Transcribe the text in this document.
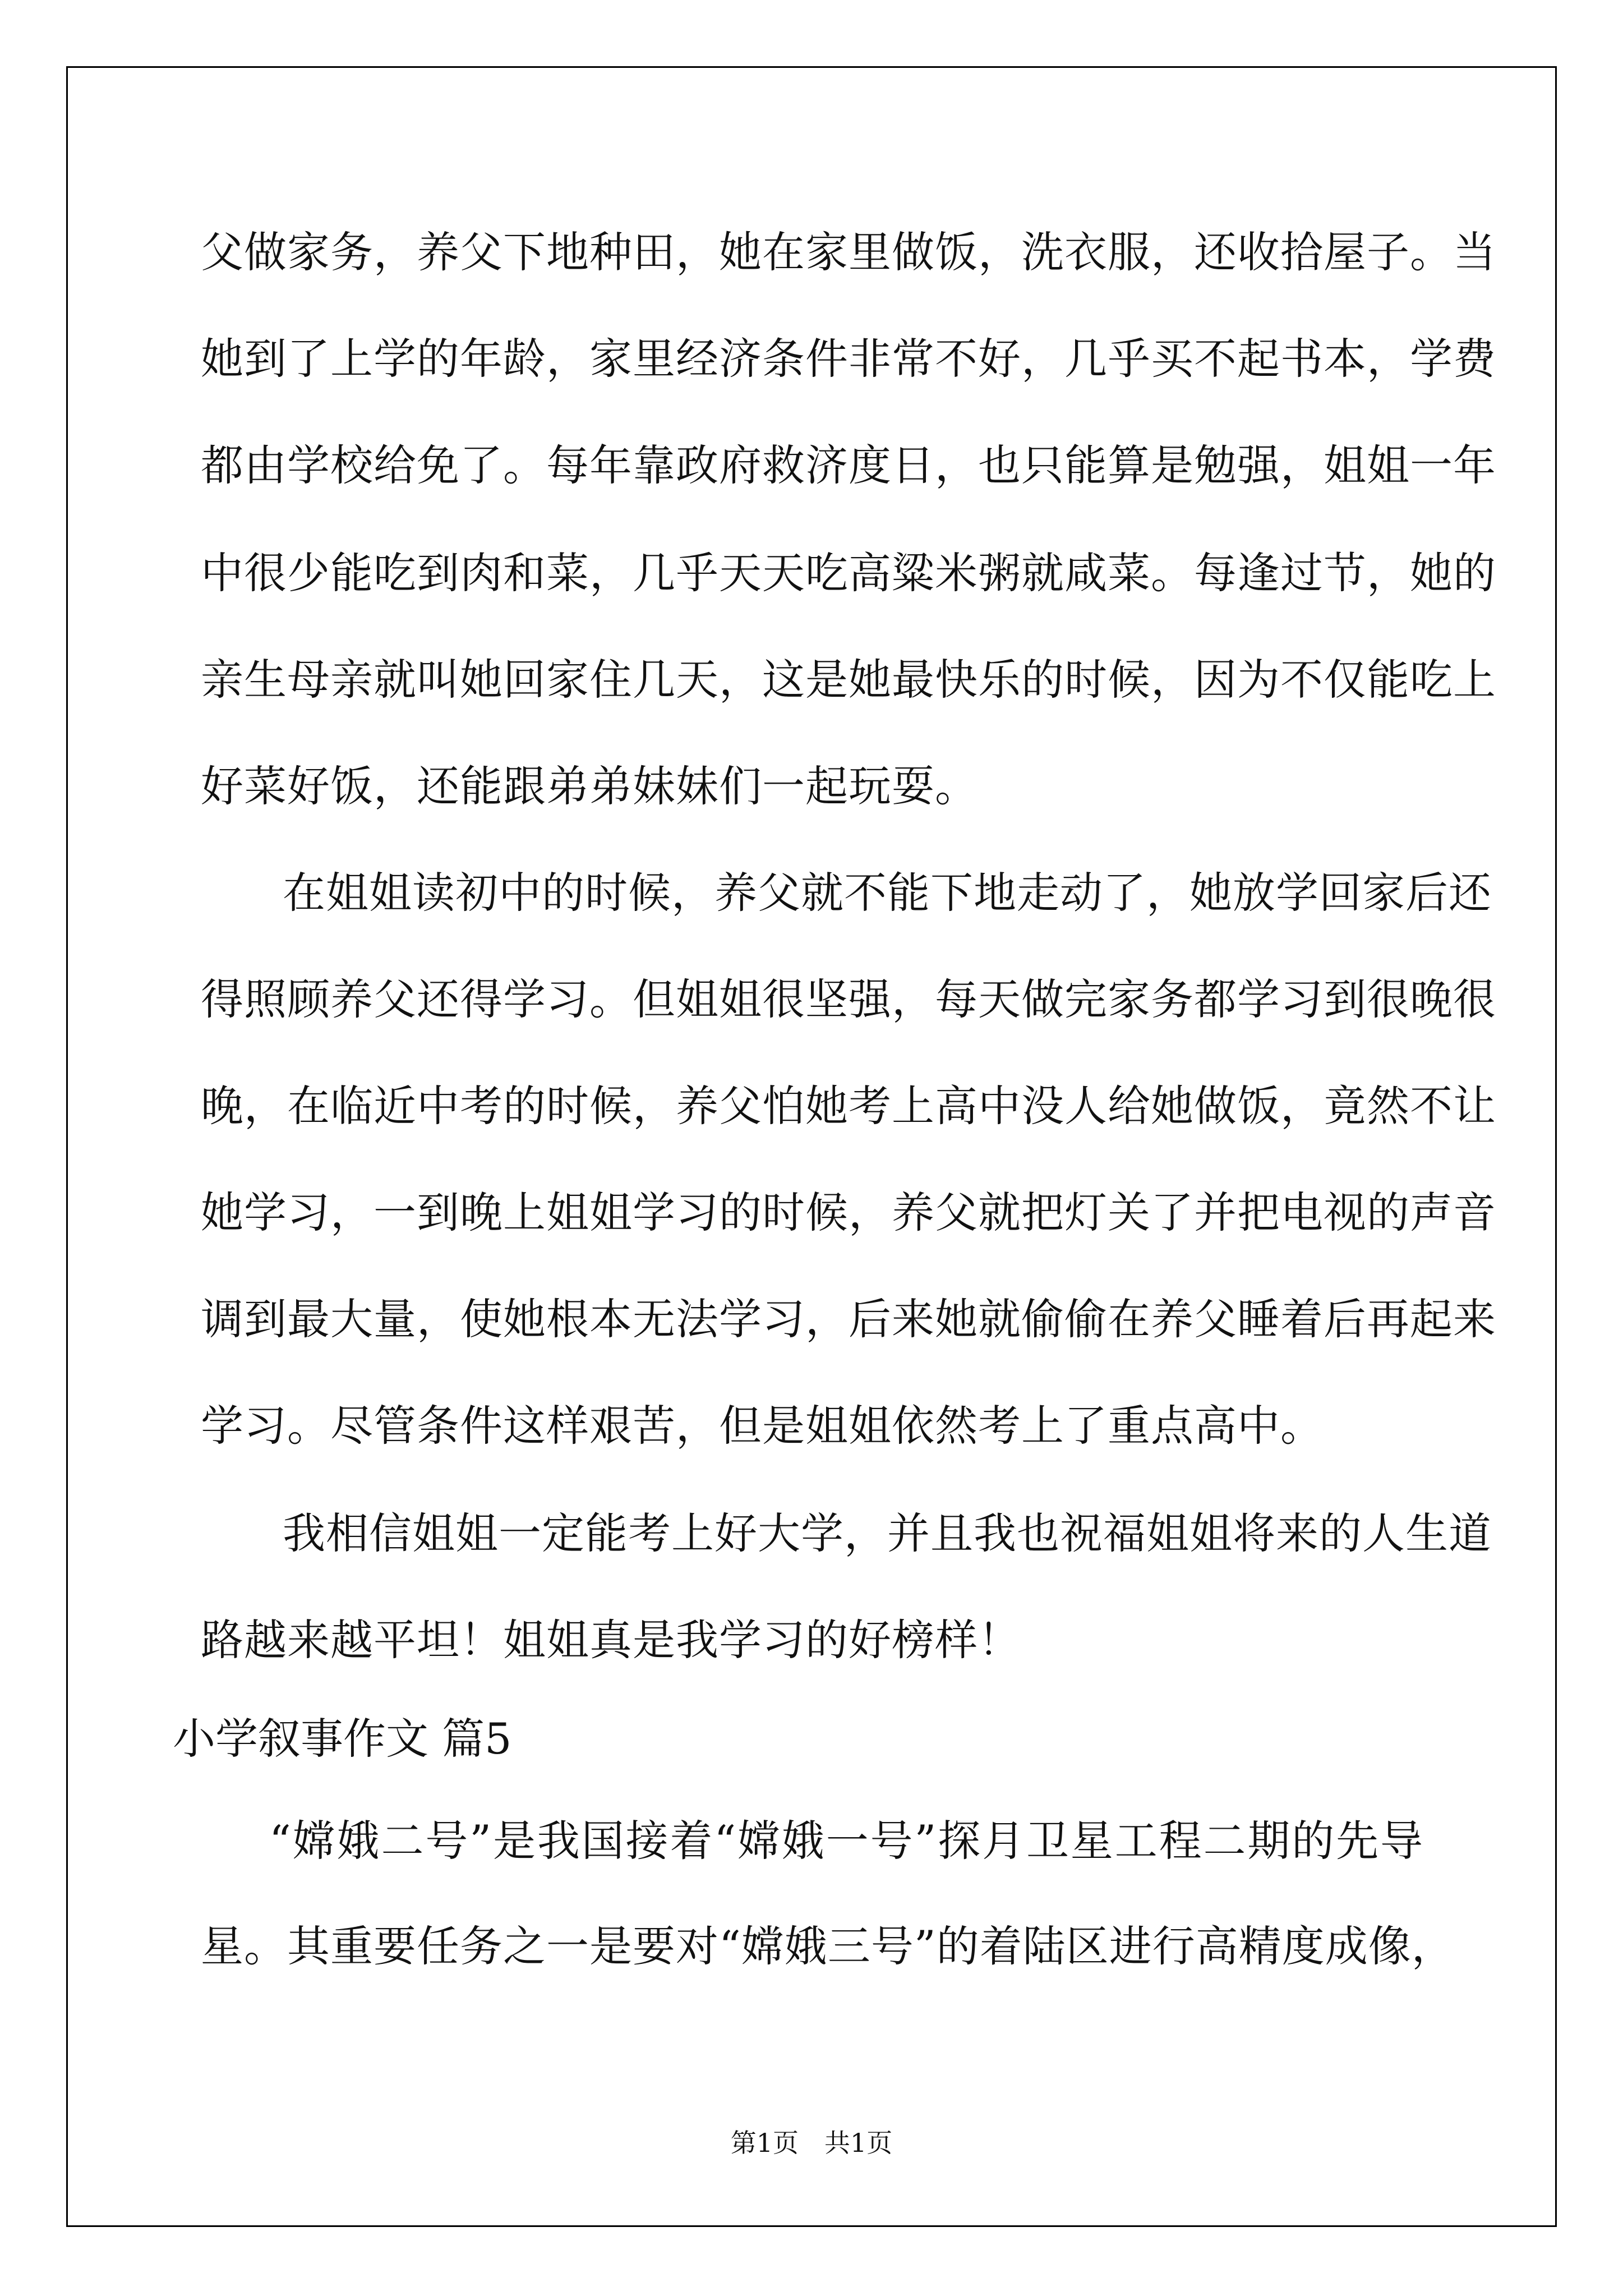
父做家务，养父下地种田，她在家里做饭，洗衣服，还收拾屋子。当
她到了上学的年龄，家里经济条件非常不好，几乎买不起书本，学费
都由学校给免了。每年靠政府救济度日，也只能算是勉强，姐姐一年
中很少能吃到肉和菜，几乎天天吃高粱米粥就咸菜。每逢过节，她的
亲生母亲就叫她回家住几天，这是她最快乐的时候，因为不仅能吃上
好菜好饭，还能跟弟弟妹妹们一起玩耍。
在姐姐读初中的时候，养父就不能下地走动了，她放学回家后还
得照顾养父还得学习。但姐姐很坚强，每天做完家务都学习到很晚很
晚，在临近中考的时候，养父怕她考上高中没人给她做饭，竟然不让
她学习，一到晚上姐姐学习的时候，养父就把灯关了并把电视的声音
调到最大量，使她根本无法学习，后来她就偷偷在养父睡着后再起来
学习。尽管条件这样艰苦，但是姐姐依然考上了重点高中。
我相信姐姐一定能考上好大学，并且我也祝福姐姐将来的人生道
路越来越平坦！姐姐真是我学习的好榜样！
小学叙事作文 篇5
“嫦娥二号”是我国接着“嫦娥一号”探月卫星工程二期的先导
星。其重要任务之一是要对“嫦娥三号”的着陆区进行高精度成像，
第1页　共1页
